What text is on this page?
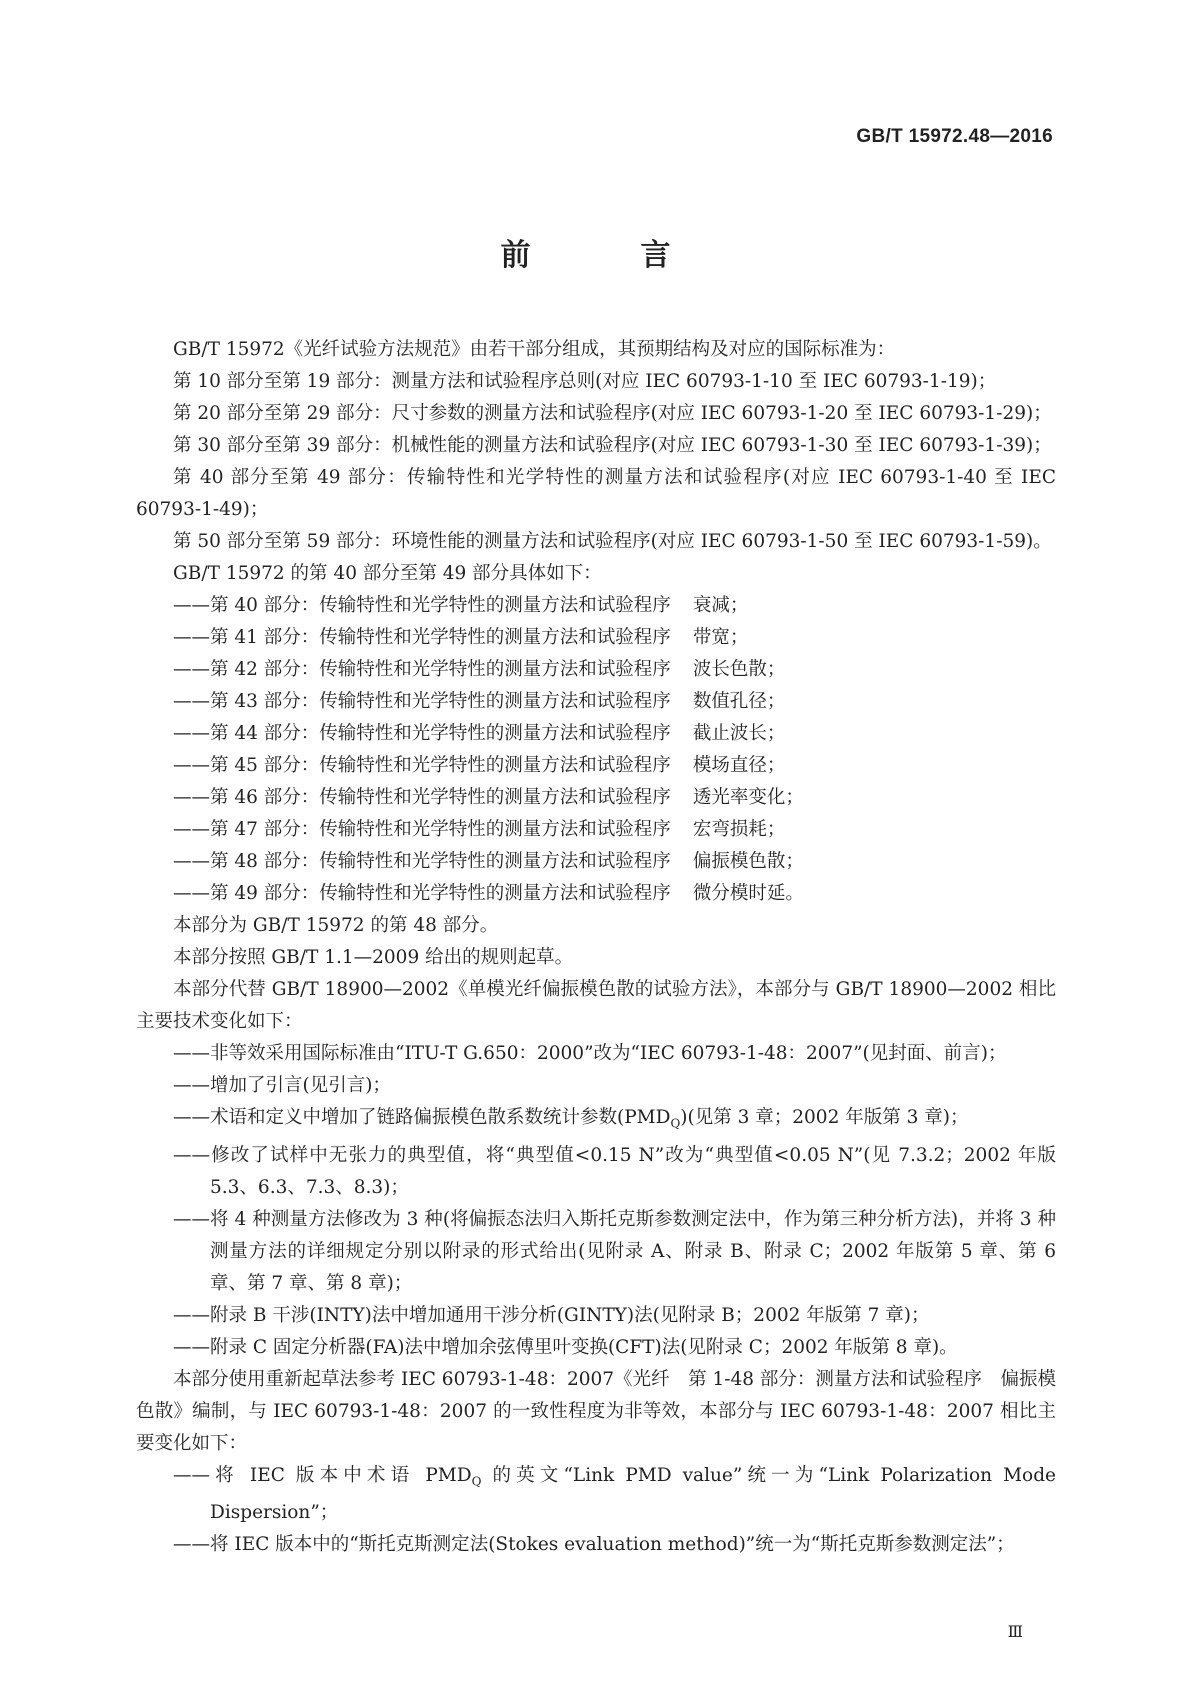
GB/T 15972.48—2016
前　言

GB/T 15972《光纤试验方法规范》由若干部分组成，其预期结构及对应的国际标准为：

第 10 部分至第 19 部分：测量方法和试验程序总则(对应 IEC 60793-1-10 至 IEC 60793-1-19)；

第 20 部分至第 29 部分：尺寸参数的测量方法和试验程序(对应 IEC 60793-1-20 至 IEC 60793-1-29)；

第 30 部分至第 39 部分：机械性能的测量方法和试验程序(对应 IEC 60793-1-30 至 IEC 60793-1-39)；

第 40 部分至第 49 部分：传输特性和光学特性的测量方法和试验程序(对应 IEC 60793-1-40 至 IEC 60793-1-49)；

第 50 部分至第 59 部分：环境性能的测量方法和试验程序(对应 IEC 60793-1-50 至 IEC 60793-1-59)。

GB/T 15972 的第 40 部分至第 49 部分具体如下：

——第 40 部分：传输特性和光学特性的测量方法和试验程序 衰减；

——第 41 部分：传输特性和光学特性的测量方法和试验程序 带宽；

——第 42 部分：传输特性和光学特性的测量方法和试验程序 波长色散；

——第 43 部分：传输特性和光学特性的测量方法和试验程序 数值孔径；

——第 44 部分：传输特性和光学特性的测量方法和试验程序 截止波长；

——第 45 部分：传输特性和光学特性的测量方法和试验程序 模场直径；

——第 46 部分：传输特性和光学特性的测量方法和试验程序 透光率变化；

——第 47 部分：传输特性和光学特性的测量方法和试验程序 宏弯损耗；

——第 48 部分：传输特性和光学特性的测量方法和试验程序 偏振模色散；

——第 49 部分：传输特性和光学特性的测量方法和试验程序 微分模时延。

本部分为 GB/T 15972 的第 48 部分。

本部分按照 GB/T 1.1—2009 给出的规则起草。

本部分代替 GB/T 18900—2002《单模光纤偏振模色散的试验方法》，本部分与 GB/T 18900—2002 相比主要技术变化如下：

——非等效采用国际标准由“ITU-T G.650：2000”改为“IEC 60793-1-48：2007”(见封面、前言)；

——增加了引言(见引言)；

——术语和定义中增加了链路偏振模色散系数统计参数$(PMD_Q)$(见第 3 章；2002 年版第 3 章)；

——修改了试样中无张力的典型值，将“典型值<0.15 N”改为“典型值<0.05 N”(见 7.3.2；2002 年版 5.3、6.3、7.3、8.3)；

——将 4 种测量方法修改为 3 种(将偏振态法归入斯托克斯参数测定法中，作为第三种分析方法)，并将 3 种测量方法的详细规定分别以附录的形式给出(见附录 A、附录 B、附录 C；2002 年版第 5 章、第 6 章、第 7 章、第 8 章)；

——附录 B 干涉(INTY)法中增加通用干涉分析(GINTY)法(见附录 B；2002 年版第 7 章)；

——附录 C 固定分析器(FA)法中增加余弦傅里叶变换(CFT)法(见附录 C；2002 年版第 8 章)。

本部分使用重新起草法参考 IEC 60793-1-48：2007《光纤　第 1-48 部分：测量方法和试验程序　偏振模色散》编制，与 IEC 60793-1-48：2007 的一致性程度为非等效，本部分与 IEC 60793-1-48：2007 相比主要变化如下：

——将 IEC 版本中术语 $PMD_Q$ 的英文“Link PMD value”统一为“Link Polarization Mode Dispersion”；

——将 IEC 版本中的“斯托克斯测定法(Stokes evaluation method)”统一为“斯托克斯参数测定法”；

Ⅲ
